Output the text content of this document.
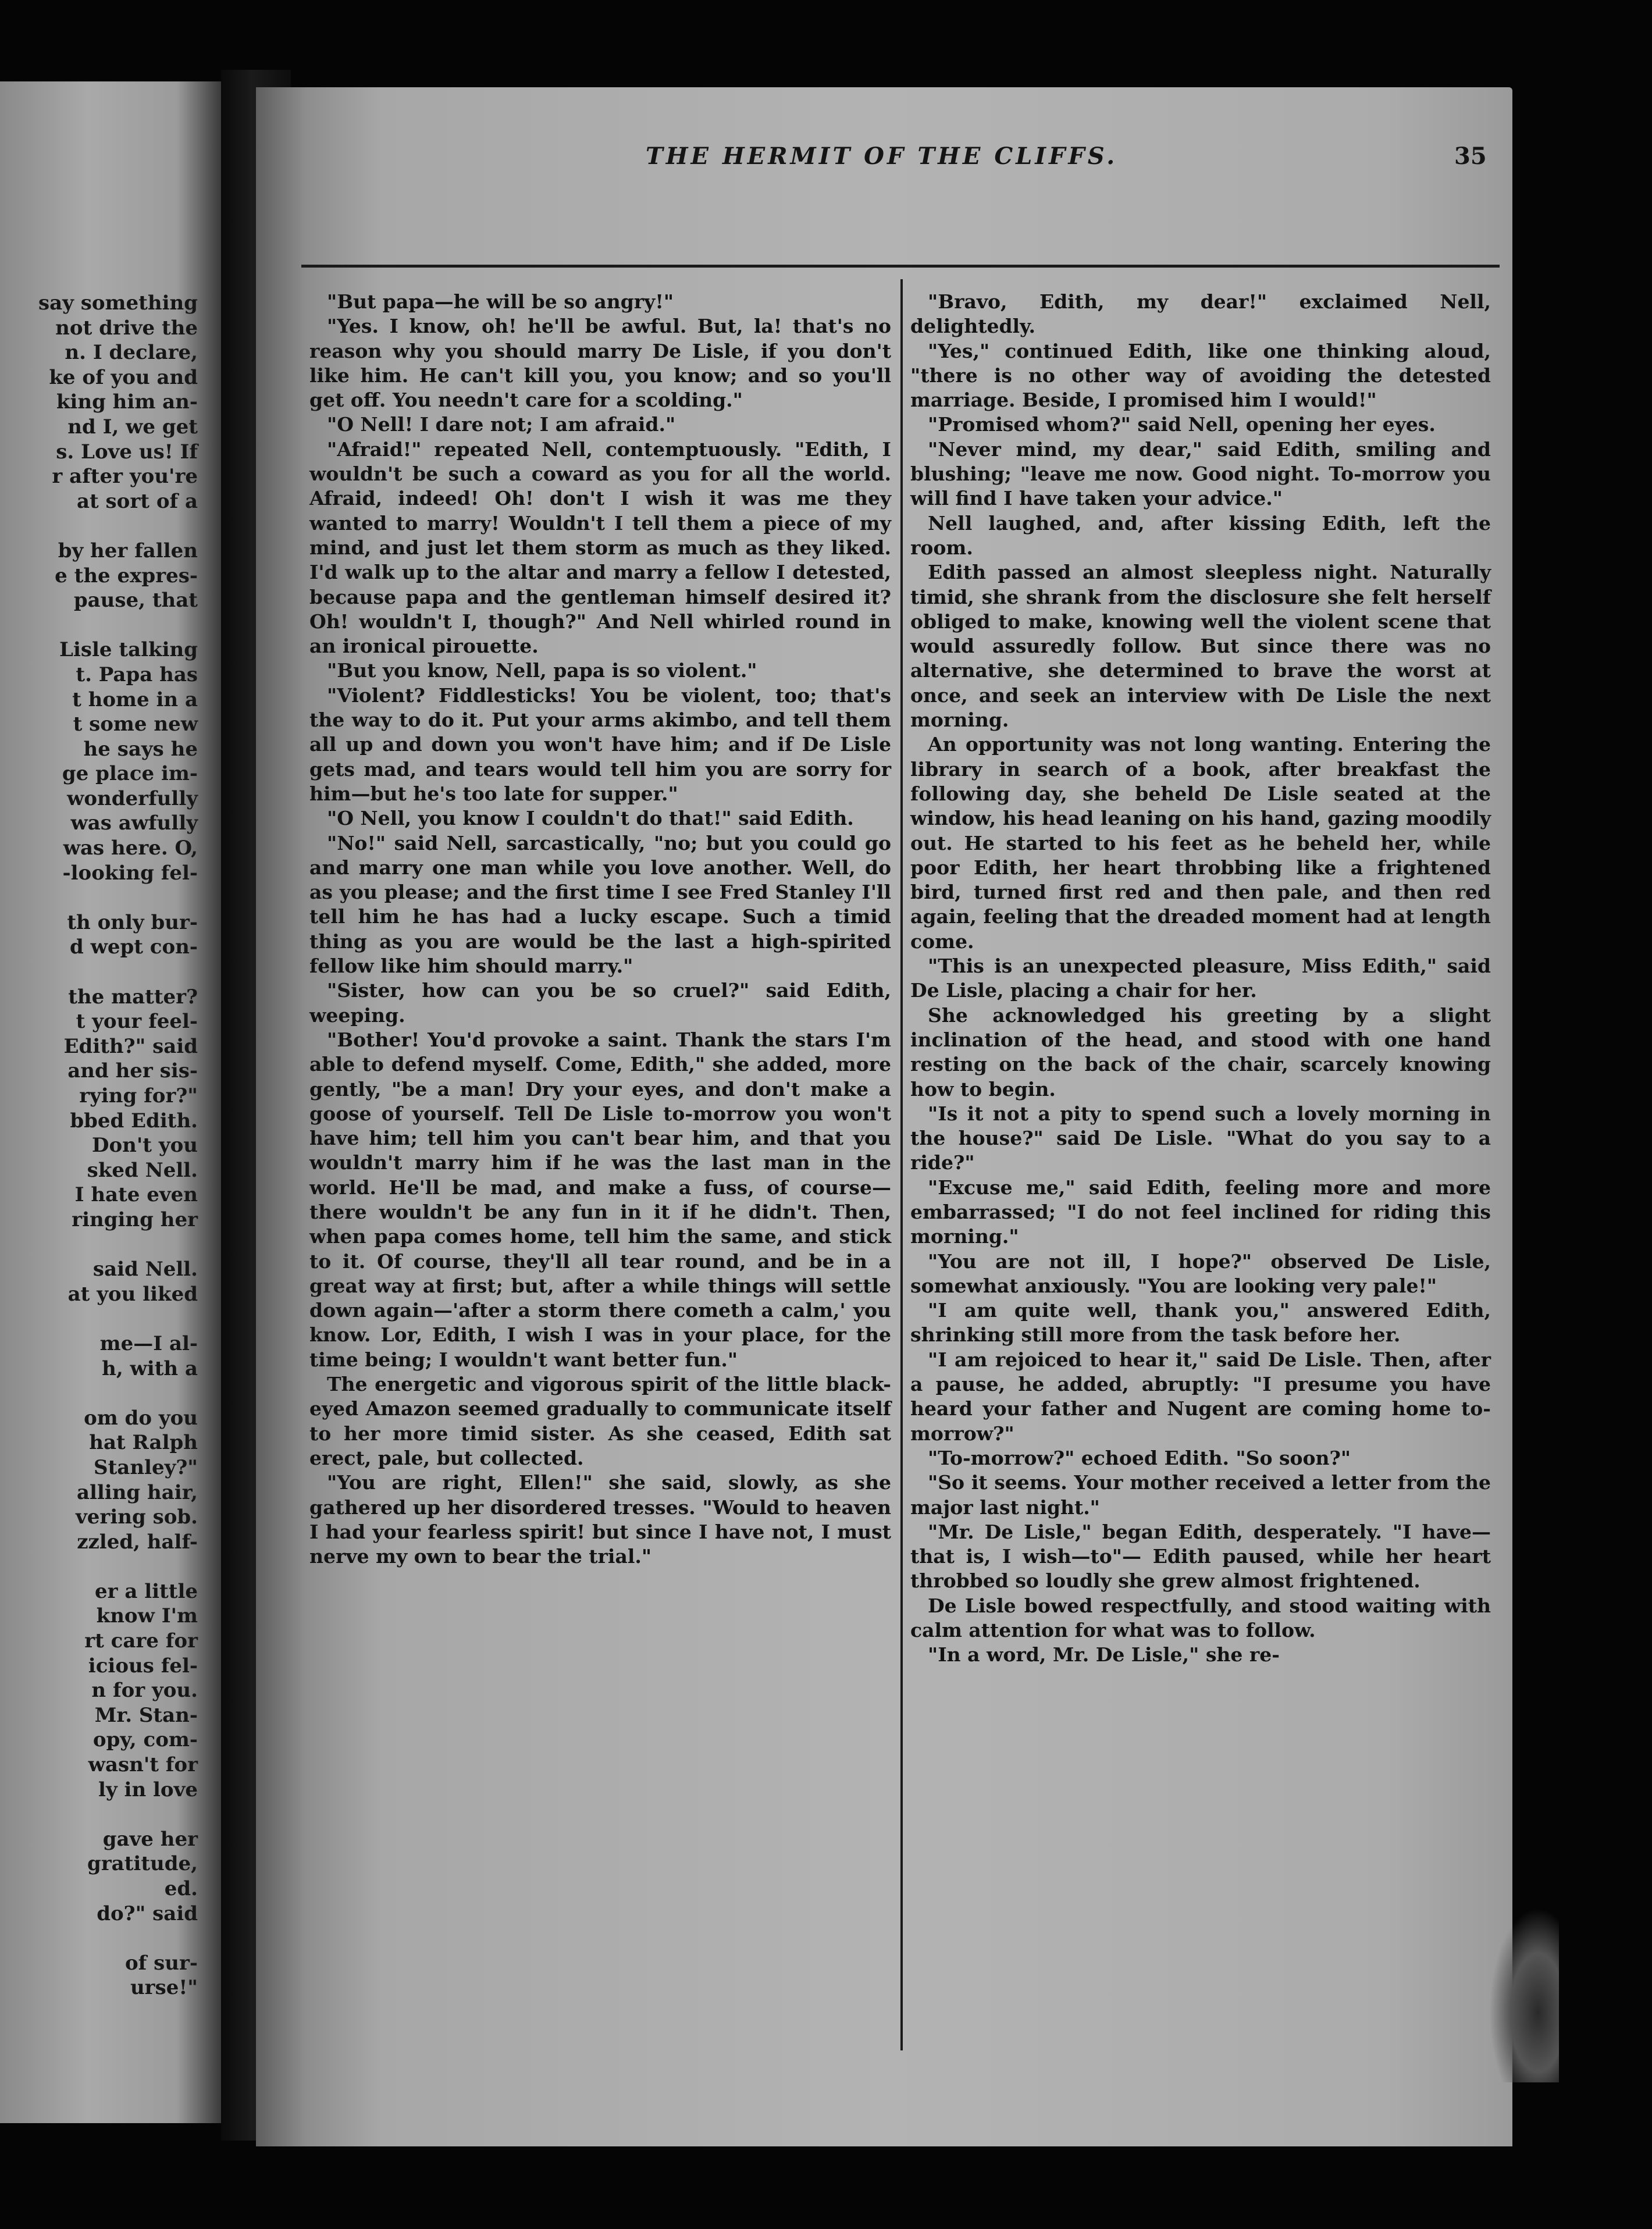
say something
not drive the
n. I declare,
ke of you and
king him an-
nd I, we get
s. Love us! If
r after you're
at sort of a
by her fallen
e the expres-
pause, that
Lisle talking
t. Papa has
t home in a
t some new
he says he
ge place im-
wonderfully
was awfully
was here. O,
-looking fel-
th only bur-
d wept con-
the matter?
t your feel-
Edith?" said
and her sis-
rying for?"
bbed Edith.
Don't you
sked Nell.
I hate even
ringing her
said Nell.
at you liked
me—I al-
h, with a
om do you
hat Ralph
Stanley?"
alling hair,
vering sob.
zzled, half-
er a little
know I'm
rt care for
icious fel-
n for you.
Mr. Stan-
opy, com-
wasn't for
ly in love
gave her
gratitude,
ed.
do?" said
of sur-
urse!"
THE HERMIT OF THE CLIFFS.	35

"But papa—he will be so angry!"

"Yes. I know, oh! he'll be awful. But, la! that's no reason why you should marry De Lisle, if you don't like him. He can't kill you, you know; and so you'll get off. You needn't care for a scolding."

"O Nell! I dare not; I am afraid."

"Afraid!" repeated Nell, contemptuously. "Edith, I wouldn't be such a coward as you for all the world. Afraid, indeed! Oh! don't I wish it was me they wanted to marry! Wouldn't I tell them a piece of my mind, and just let them storm as much as they liked. I'd walk up to the altar and marry a fellow I detested, because papa and the gentleman himself desired it? Oh! wouldn't I, though?" And Nell whirled round in an ironical pirouette.

"But you know, Nell, papa is so violent."

"Violent? Fiddlesticks! You be violent, too; that's the way to do it. Put your arms akimbo, and tell them all up and down you won't have him; and if De Lisle gets mad, and tears would tell him you are sorry for him—but he's too late for supper."

"O Nell, you know I couldn't do that!" said Edith.

"No!" said Nell, sarcastically, "no; but you could go and marry one man while you love another. Well, do as you please; and the first time I see Fred Stanley I'll tell him he has had a lucky escape. Such a timid thing as you are would be the last a high-spirited fellow like him should marry."

"Sister, how can you be so cruel?" said Edith, weeping.

"Bother! You'd provoke a saint. Thank the stars I'm able to defend myself. Come, Edith," she added, more gently, "be a man! Dry your eyes, and don't make a goose of yourself. Tell De Lisle to-morrow you won't have him; tell him you can't bear him, and that you wouldn't marry him if he was the last man in the world. He'll be mad, and make a fuss, of course—there wouldn't be any fun in it if he didn't. Then, when papa comes home, tell him the same, and stick to it. Of course, they'll all tear round, and be in a great way at first; but, after a while things will settle down again—'after a storm there cometh a calm,' you know. Lor, Edith, I wish I was in your place, for the time being; I wouldn't want better fun."

The energetic and vigorous spirit of the little black-eyed Amazon seemed gradually to communicate itself to her more timid sister. As she ceased, Edith sat erect, pale, but collected.

"You are right, Ellen!" she said, slowly, as she gathered up her disordered tresses. "Would to heaven I had your fearless spirit! but since I have not, I must nerve my own to bear the trial."

"Bravo, Edith, my dear!" exclaimed Nell, delightedly.

"Yes," continued Edith, like one thinking aloud, "there is no other way of avoiding the detested marriage. Beside, I promised him I would!"

"Promised whom?" said Nell, opening her eyes.

"Never mind, my dear," said Edith, smiling and blushing; "leave me now. Good night. To-morrow you will find I have taken your advice."

Nell laughed, and, after kissing Edith, left the room.

Edith passed an almost sleepless night. Naturally timid, she shrank from the disclosure she felt herself obliged to make, knowing well the violent scene that would assuredly follow. But since there was no alternative, she determined to brave the worst at once, and seek an interview with De Lisle the next morning.

An opportunity was not long wanting. Entering the library in search of a book, after breakfast the following day, she beheld De Lisle seated at the window, his head leaning on his hand, gazing moodily out. He started to his feet as he beheld her, while poor Edith, her heart throbbing like a frightened bird, turned first red and then pale, and then red again, feeling that the dreaded moment had at length come.

"This is an unexpected pleasure, Miss Edith," said De Lisle, placing a chair for her.

She acknowledged his greeting by a slight inclination of the head, and stood with one hand resting on the back of the chair, scarcely knowing how to begin.

"Is it not a pity to spend such a lovely morning in the house?" said De Lisle. "What do you say to a ride?"

"Excuse me," said Edith, feeling more and more embarrassed; "I do not feel inclined for riding this morning."

"You are not ill, I hope?" observed De Lisle, somewhat anxiously. "You are looking very pale!"

"I am quite well, thank you," answered Edith, shrinking still more from the task before her.

"I am rejoiced to hear it," said De Lisle. Then, after a pause, he added, abruptly: "I presume you have heard your father and Nugent are coming home to-morrow?"

"To-morrow?" echoed Edith. "So soon?"

"So it seems. Your mother received a letter from the major last night."

"Mr. De Lisle," began Edith, desperately. "I have—that is, I wish—to"— Edith paused, while her heart throbbed so loudly she grew almost frightened.

De Lisle bowed respectfully, and stood waiting with calm attention for what was to follow.

"In a word, Mr. De Lisle," she re-
